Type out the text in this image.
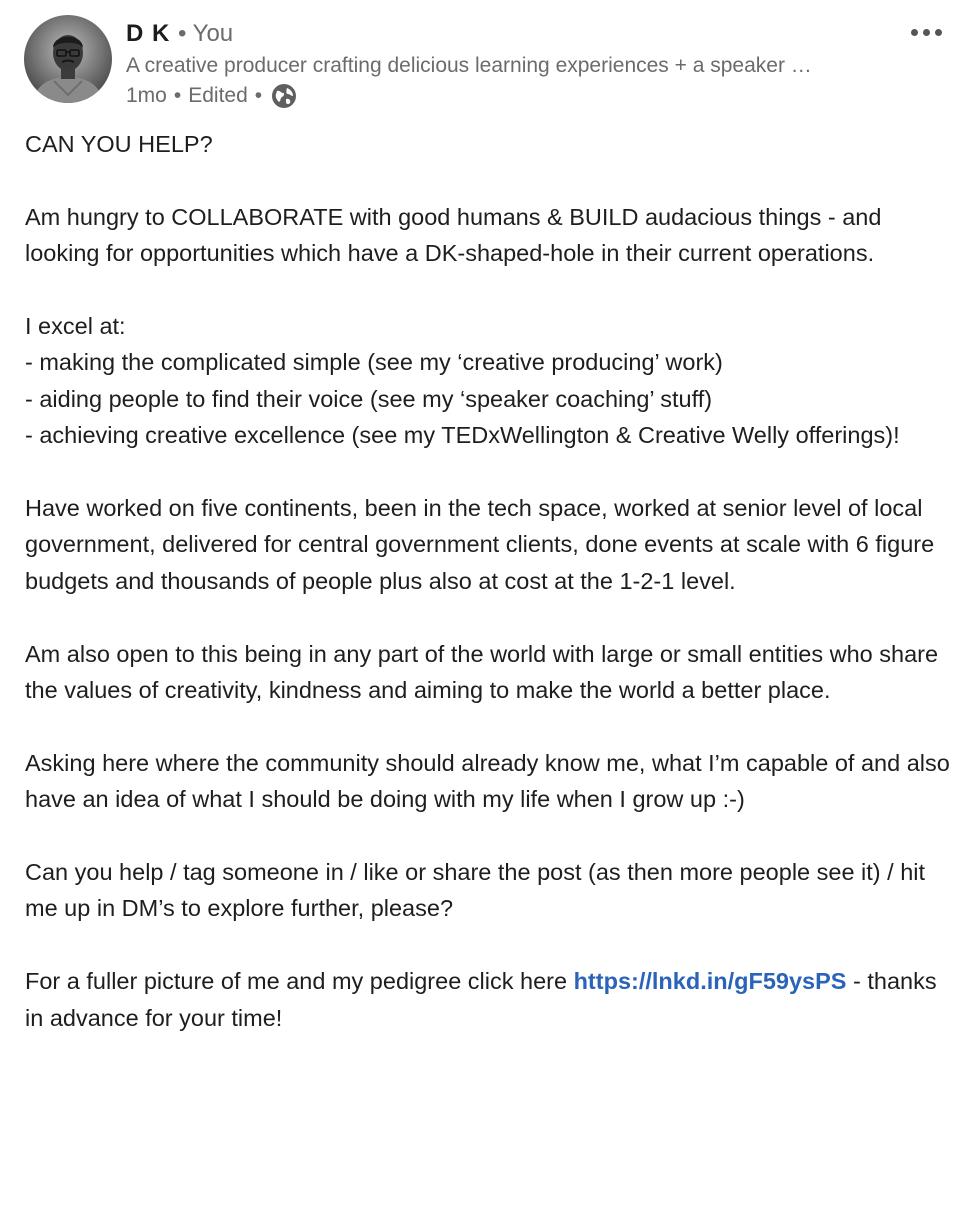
D K • You
A creative producer crafting delicious learning experiences + a speaker …
1mo • Edited •

CAN YOU HELP?

Am hungry to COLLABORATE with good humans & BUILD audacious things - and looking for opportunities which have a DK-shaped-hole in their current operations.

I excel at:
- making the complicated simple (see my ‘creative producing’ work)
- aiding people to find their voice (see my ‘speaker coaching’ stuff)
- achieving creative excellence (see my TEDxWellington & Creative Welly offerings)!

Have worked on five continents, been in the tech space, worked at senior level of local government, delivered for central government clients, done events at scale with 6 figure budgets and thousands of people plus also at cost at the 1-2-1 level.

Am also open to this being in any part of the world with large or small entities who share the values of creativity, kindness and aiming to make the world a better place.

Asking here where the community should already know me, what I’m capable of and also have an idea of what I should be doing with my life when I grow up :-)

Can you help / tag someone in / like or share the post (as then more people see it) / hit me up in DM’s to explore further, please?

For a fuller picture of me and my pedigree click here https://lnkd.in/gF59ysPS - thanks in advance for your time!
